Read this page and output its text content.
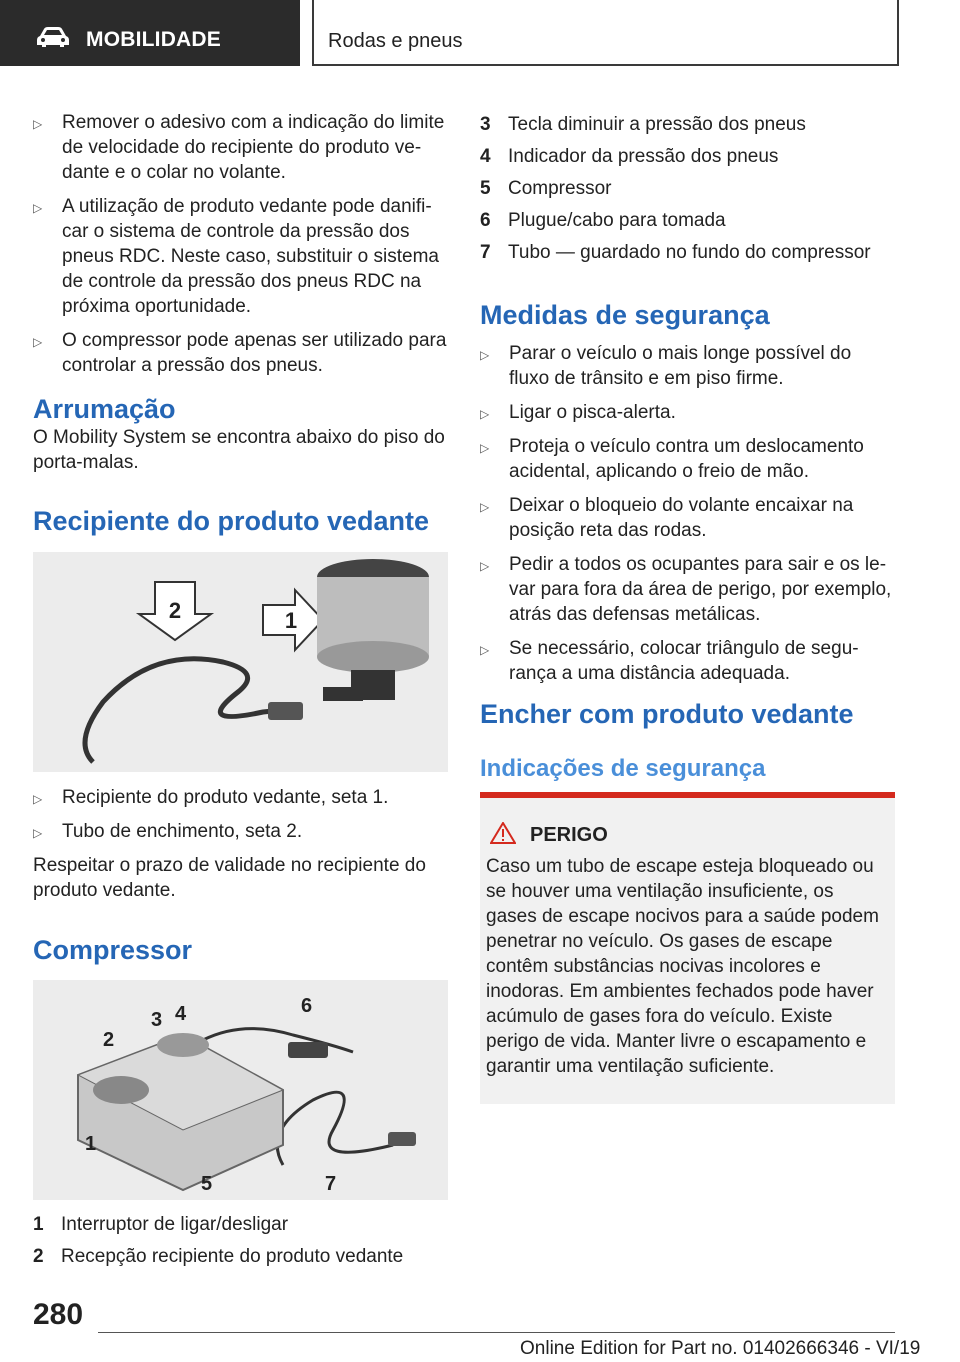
MOBILIDADE	Rodas e pneus
▷ Remover o adesivo com a indicação do limite de velocidade do recipiente do produto vedante e o colar no volante.
▷ A utilização de produto vedante pode danificar o sistema de controle da pressão dos pneus RDC. Neste caso, substituir o sistema de controle da pressão dos pneus RDC na próxima oportunidade.
▷ O compressor pode apenas ser utilizado para controlar a pressão dos pneus.
Arrumação

O Mobility System se encontra abaixo do piso do porta-malas.

Recipiente do produto vedante
2	1
▷ Recipiente do produto vedante, seta 1.
▷ Tubo de enchimento, seta 2.

Respeitar o prazo de validade no recipiente do produto vedante.

Compressor
1
2
3 4
5
6
7
1 Interruptor de ligar/desligar
2 Recepção recipiente do produto vedante
3 Tecla diminuir a pressão dos pneus
4 Indicador da pressão dos pneus
5 Compressor
6 Plugue/cabo para tomada
7 Tubo — guardado no fundo do compressor
Medidas de segurança
▷ Parar o veículo o mais longe possível do fluxo de trânsito e em piso firme.
▷ Ligar o pisca-alerta.
▷ Proteja o veículo contra um deslocamento acidental, aplicando o freio de mão.
▷ Deixar o bloqueio do volante encaixar na posição reta das rodas.
▷ Pedir a todos os ocupantes para sair e os levar para fora da área de perigo, por exemplo, atrás das defensas metálicas.
▷ Se necessário, colocar triângulo de segurança a uma distância adequada.
Encher com produto vedante
Indicações de segurança
PERIGO
Caso um tubo de escape esteja bloqueado ou se houver uma ventilação insuficiente, os gases de escape nocivos para a saúde podem penetrar no veículo. Os gases de escape contêm substâncias nocivas incolores e inodoras. Em ambientes fechados pode haver acúmulo de gases fora do veículo. Existe perigo de vida. Manter livre o escapamento e garantir uma ventilação suficiente.
280
Online Edition for Part no. 01402666346 - VI/19
